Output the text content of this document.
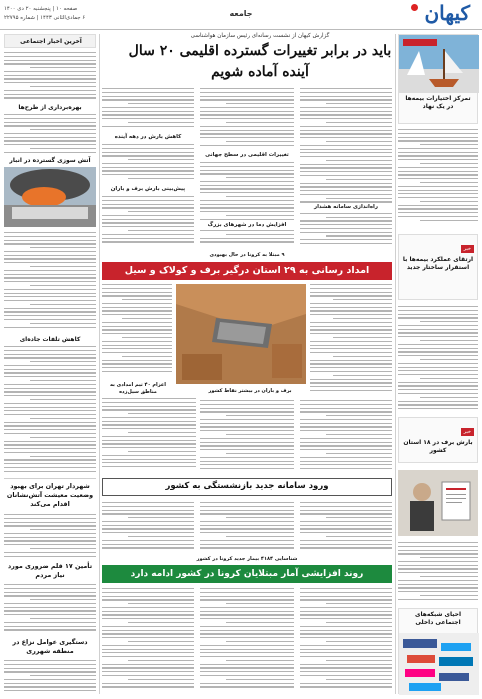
کیهان
جامعه
صفحه ۱۰ | پنجشنبه ۲۰ دی ۱۴۰۰
۶ جمادی‌الثانی ۱۴۴۳ | شماره ۲۲۷۹۵
گزارش کیهان از نشست رسانه‌ای رئیس سازمان هواشناسی
باید در برابر تغییرات گسترده اقلیمی ۲۰ سال آینده آماده شویم
تمرکز اختیارات بیمه‌ها در یک نهاد
خبر
ارتقای عملکرد بیمه‌ها با استقرار ساختار جدید
خبر
بارش برف در ۱۸ استان کشور
احیای شبکه‌های اجتماعی داخلی
آخرین اخبار اجتماعی
بهره‌برداری از طرح‌ها
آتش سوزی گسترده در انبار
کاهش تلفات جاده‌ای
شهردار تهران برای بهبود وضعیت معیشت آتش‌نشانان اقدام می‌کند
تأمین ۱۷ قلم ضروری مورد نیاز مردم
دستگیری عوامل نزاع در منطقه شهرری
تغییرات اقلیمی در سطح جهانی
کاهش بارش در دهه آینده
پیش‌بینی بارش برف و باران
افزایش دما در شهرهای بزرگ
راه‌اندازی سامانه هشدار
۹ مبتلا به کرونا در حال بهبودی
امداد رسانی به ۲۹ استان درگیر برف و کولاک و سیل
اعزام ۴۰ تیم امدادی به مناطق سیل‌زده	برف و باران در بیشتر نقاط کشور
ورود سامانه جدید بازنشستگی به کشور
شناسایی ۴۱۸۴ بیمار جدید کرونا در کشور
روند افزایشی آمار مبتلایان کرونا در کشور ادامه دارد
